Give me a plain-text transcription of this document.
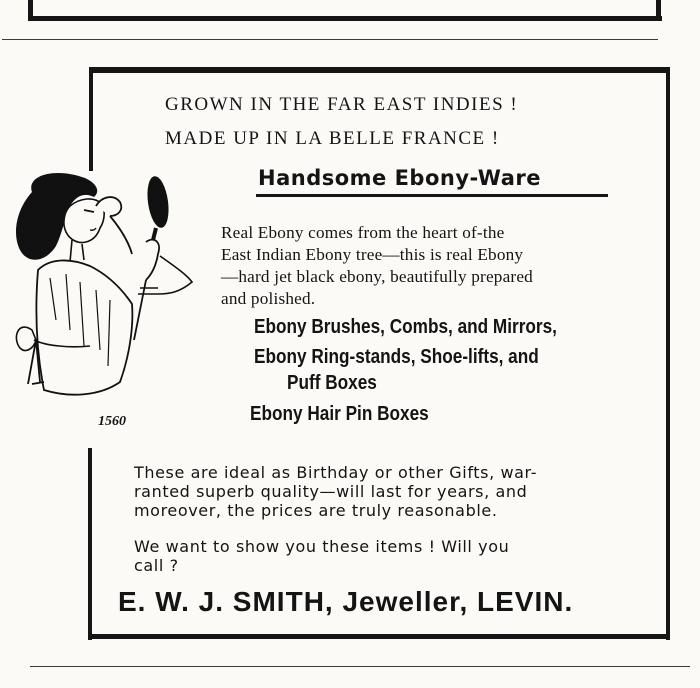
GROWN IN THE FAR EAST INDIES !
MADE UP IN LA BELLE FRANCE !
Handsome Ebony-Ware
1560
Real Ebony comes from the heart of-the
East Indian Ebony tree—this is real Ebony
—hard jet black ebony, beautifully prepared
and polished.
Ebony Brushes, Combs, and Mirrors,
Ebony Ring-stands, Shoe-lifts, and
Puff Boxes
Ebony Hair Pin Boxes
These are ideal as Birthday or other Gifts, war-
ranted superb quality—will last for years, and
moreover, the prices are truly reasonable.
We want to show you these items ! Will you
call ?
E. W. J. SMITH, Jeweller, LEVIN.
